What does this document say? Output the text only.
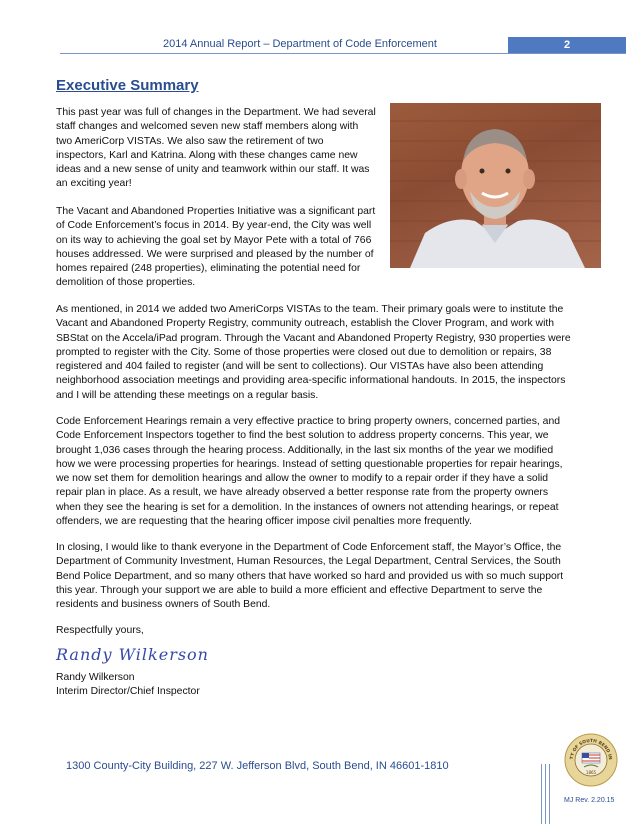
2014 Annual Report – Department of Code Enforcement	2
Executive Summary

This past year was full of changes in the Department. We had several
staff changes and welcomed seven new staff members along with
two AmeriCorp VISTAs. We also saw the retirement of two
inspectors, Karl and Katrina. Along with these changes came new
ideas and a new sense of unity and teamwork within our staff. It was
an exciting year!

The Vacant and Abandoned Properties Initiative was a significant part
of Code Enforcement’s focus in 2014. By year-end, the City was well
on its way to achieving the goal set by Mayor Pete with a total of 766
houses addressed. We were surprised and pleased by the number of
homes repaired (248 properties), eliminating the potential need for
demolition of those properties.

As mentioned, in 2014 we added two AmeriCorps VISTAs to the team. Their primary goals were to institute the
Vacant and Abandoned Property Registry, community outreach, establish the Clover Program, and work with
SBStat on the Accela/iPad program. Through the Vacant and Abandoned Property Registry, 930 properties were
prompted to register with the City. Some of those properties were closed out due to demolition or repairs, 38
registered and 404 failed to register (and will be sent to collections). Our VISTAs have also been attending
neighborhood association meetings and providing area-specific informational handouts. In 2015, the inspectors
and I will be attending these meetings on a regular basis.

Code Enforcement Hearings remain a very effective practice to bring property owners, concerned parties, and
Code Enforcement Inspectors together to find the best solution to address property concerns. This year, we
brought 1,036 cases through the hearing process. Additionally, in the last six months of the year we modified
how we were processing properties for hearings. Instead of setting questionable properties for repair hearings,
we now set them for demolition hearings and allow the owner to modify to a repair order if they have a solid
repair plan in place. As a result, we have already observed a better response rate from the property owners
when they see the hearing is set for a demolition. In the instances of owners not attending hearings, or repeat
offenders, we are requesting that the hearing officer impose civil penalties more frequently.

In closing, I would like to thank everyone in the Department of Code Enforcement staff, the Mayor’s Office, the
Department of Community Investment, Human Resources, the Legal Department, Central Services, the South
Bend Police Department, and so many others that have worked so hard and provided us with so much support
this year. Through your support we are able to build a more efficient and effective Department to serve the
residents and business owners of South Bend.

Respectfully yours,

Randy Wilkerson
Randy Wilkerson
Interim Director/Chief Inspector
1300 County-City Building, 227 W. Jefferson Blvd, South Bend, IN 46601-1810
TY OF SOUTH BEND IN
1865
MJ Rev. 2.20.15
